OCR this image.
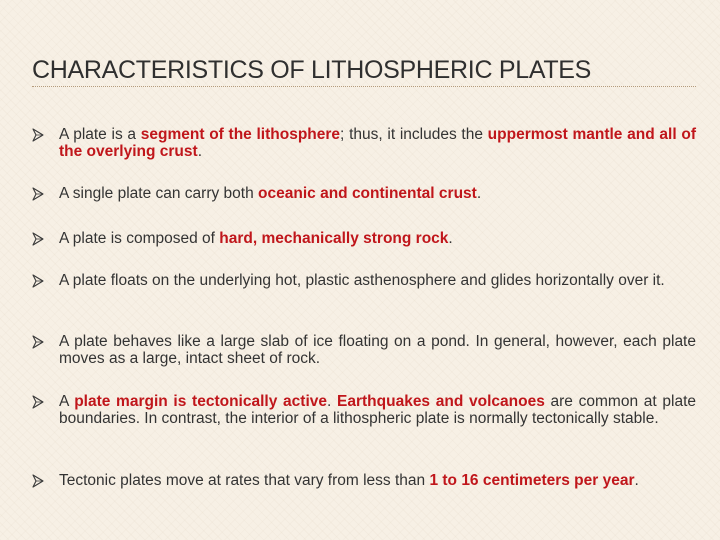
CHARACTERISTICS OF LITHOSPHERIC PLATES
A plate is a segment of the lithosphere; thus, it includes the uppermost mantle and all of the overlying crust.
A single plate can carry both oceanic and continental crust.
A plate is composed of hard, mechanically strong rock.
A plate floats on the underlying hot, plastic asthenosphere and glides horizontally over it.
A plate behaves like a large slab of ice floating on a pond. In general, however, each plate moves as a large, intact sheet of rock.
A plate margin is tectonically active. Earthquakes and volcanoes are common at plate boundaries. In contrast, the interior of a lithospheric plate is normally tectonically stable.
Tectonic plates move at rates that vary from less than 1 to 16 centimeters per year.
